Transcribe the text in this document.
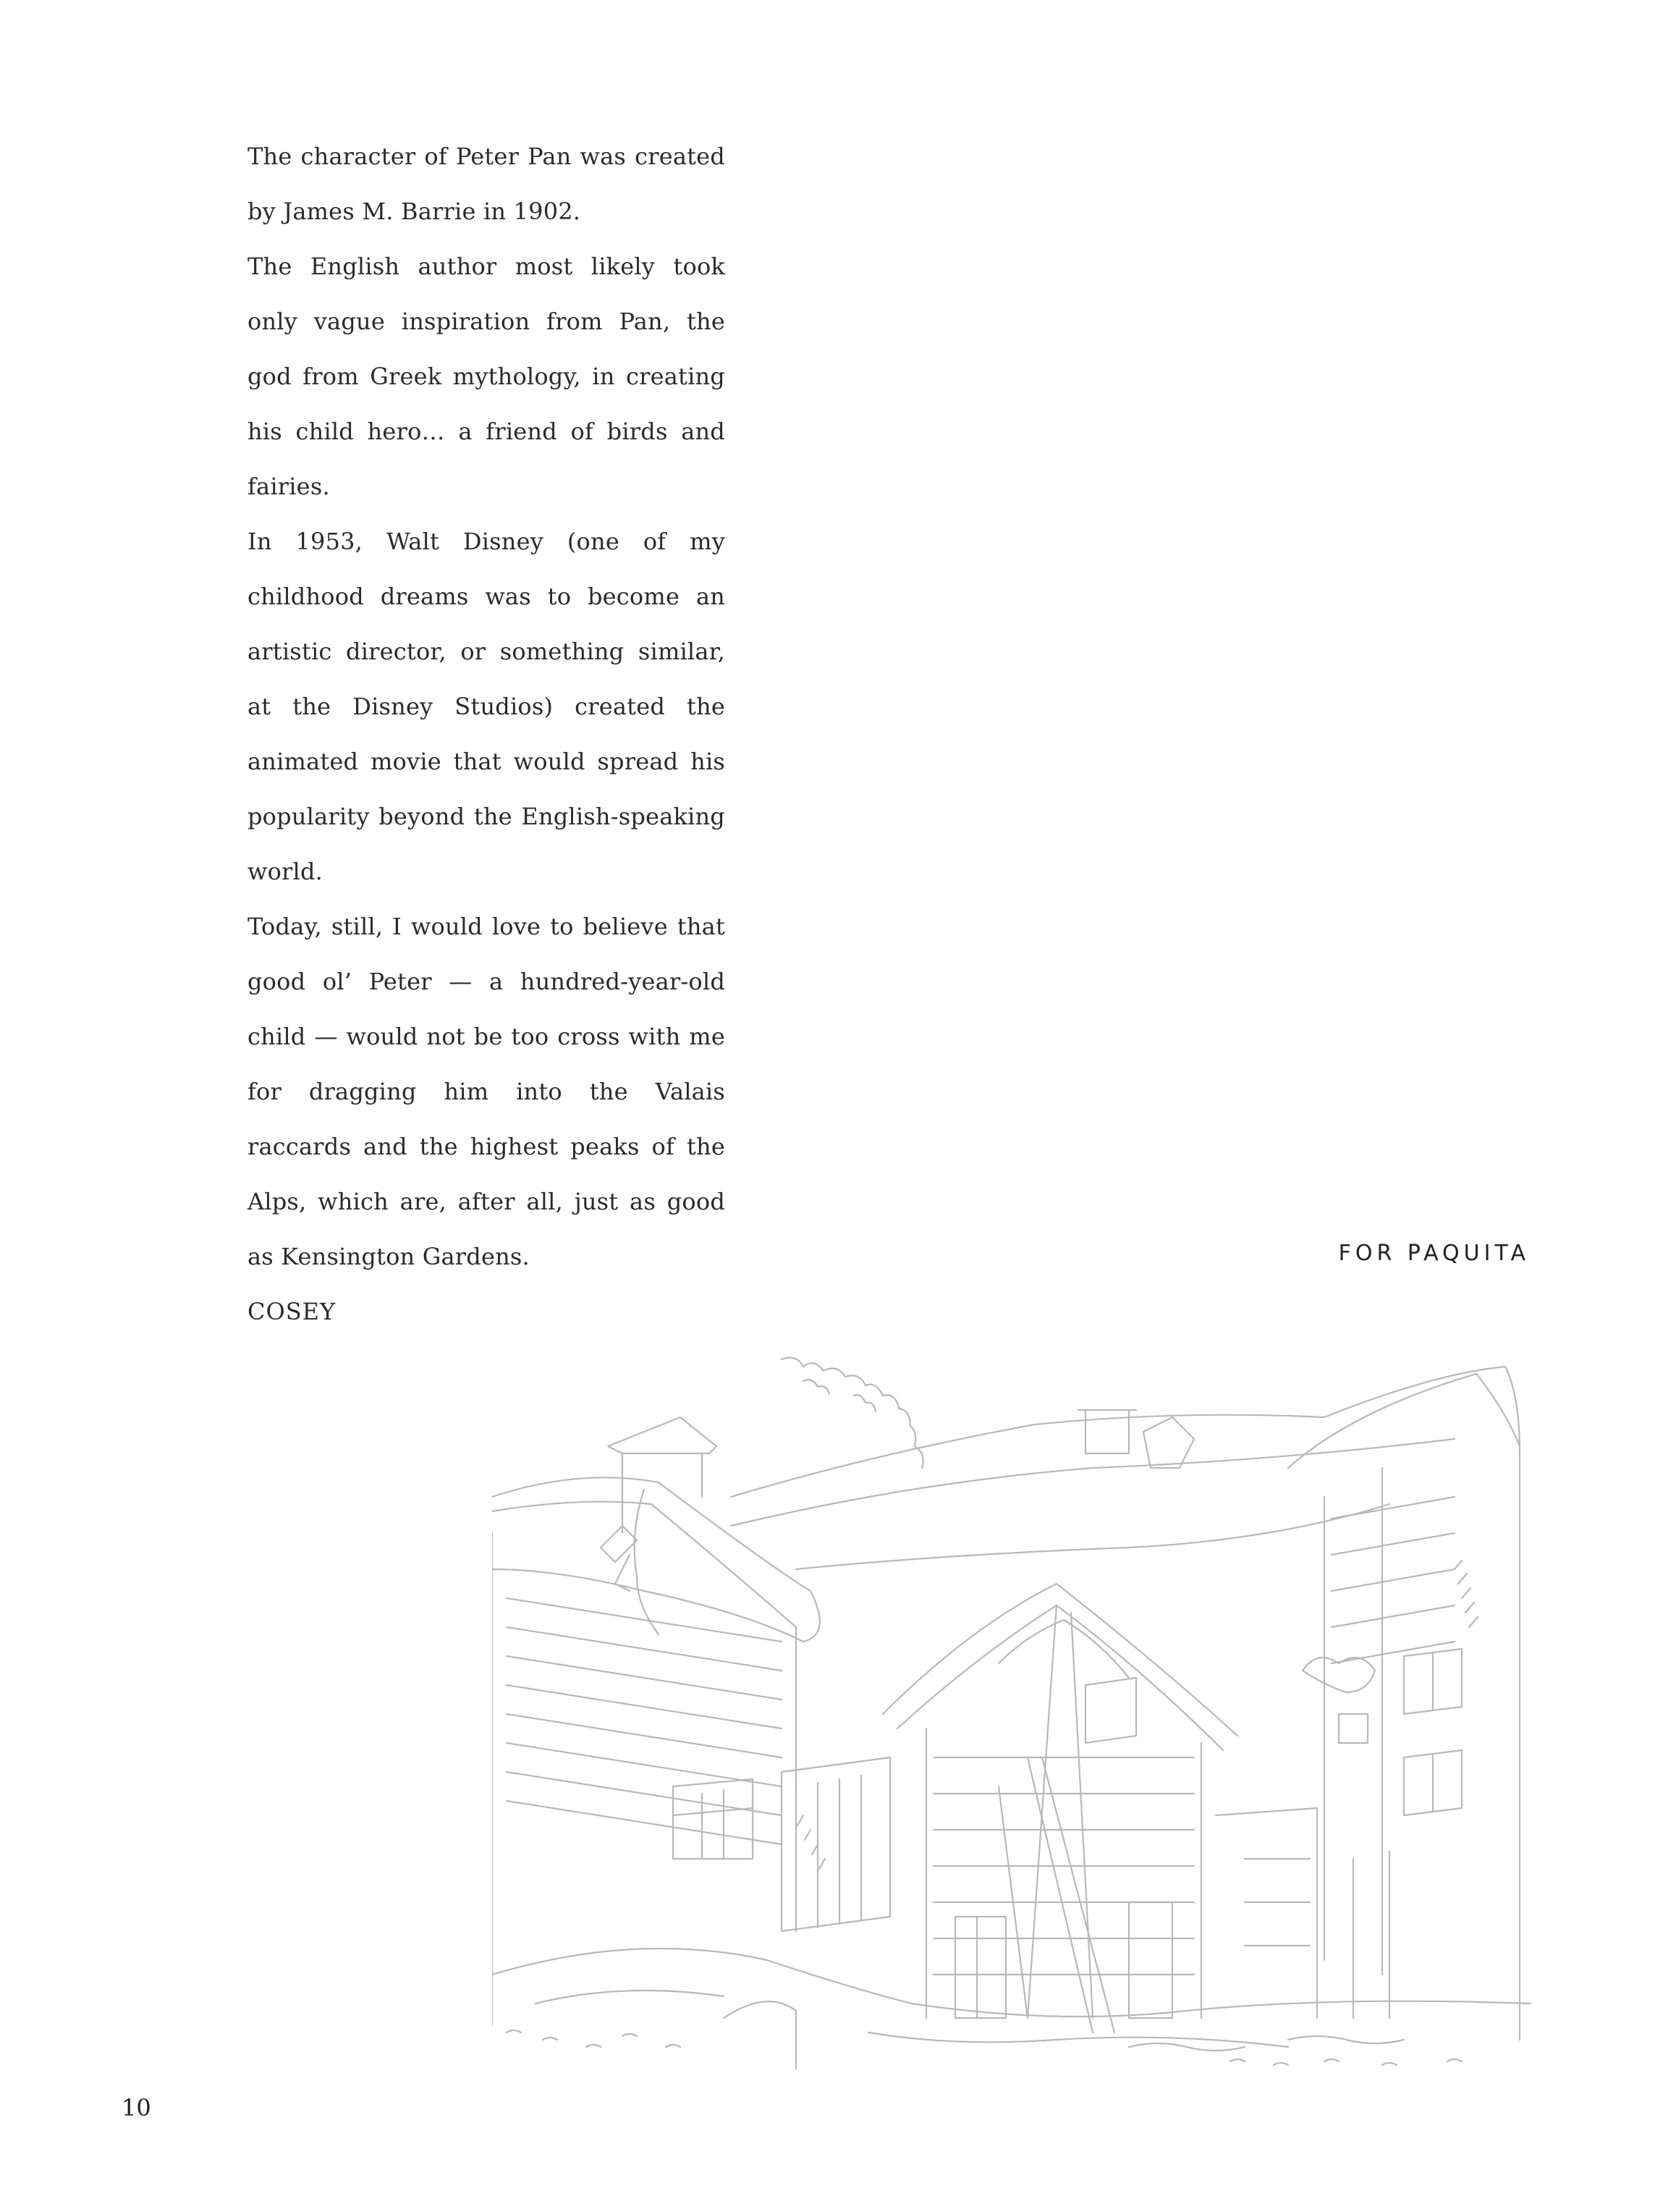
The character of Peter Pan was created by James M. Barrie in 1902.

The English author most likely took only vague inspiration from Pan, the god from Greek mythology, in creating his child hero… a friend of birds and fairies.

In 1953, Walt Disney (one of my childhood dreams was to become an artistic director, or something similar, at the Disney Studios) created the animated movie that would spread his popularity beyond the English-speaking world.

Today, still, I would love to believe that good ol’ Peter — a hundred-year-old child — would not be too cross with me for dragging him into the Valais raccards and the highest peaks of the Alps, which are, after all, just as good as Kensington Gardens.

COSEY
FOR PAQUITA
10
